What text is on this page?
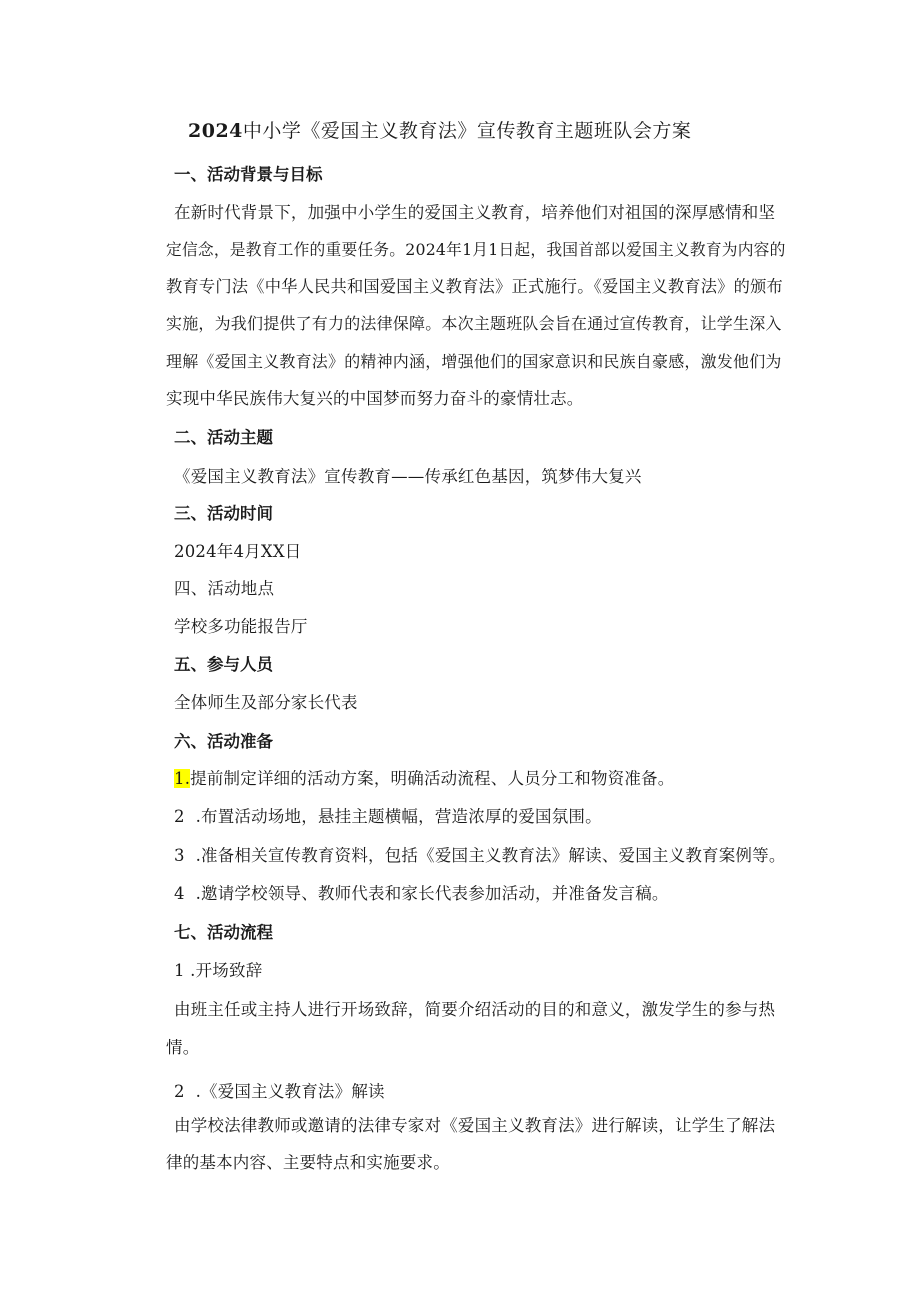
2024中小学《爱国主义教育法》宣传教育主题班队会方案
一、活动背景与目标
在新时代背景下，加强中小学生的爱国主义教育，培养他们对祖国的深厚感情和坚
定信念，是教育工作的重要任务。2024年1月1日起，我国首部以爱国主义教育为内容的
教育专门法《中华人民共和国爱国主义教育法》正式施行。《爱国主义教育法》的颁布
实施，为我们提供了有力的法律保障。本次主题班队会旨在通过宣传教育，让学生深入
理解《爱国主义教育法》的精神内涵，增强他们的国家意识和民族自豪感，激发他们为
实现中华民族伟大复兴的中国梦而努力奋斗的豪情壮志。
二、活动主题
《爱国主义教育法》宣传教育——传承红色基因，筑梦伟大复兴
三、活动时间
2024年4月XX日
四、活动地点
学校多功能报告厅
五、参与人员
全体师生及部分家长代表
六、活动准备
1.提前制定详细的活动方案，明确活动流程、人员分工和物资准备。
2  .布置活动场地，悬挂主题横幅，营造浓厚的爱国氛围。
3  .准备相关宣传教育资料，包括《爱国主义教育法》解读、爱国主义教育案例等。
4  .邀请学校领导、教师代表和家长代表参加活动，并准备发言稿。
七、活动流程
1 .开场致辞
由班主任或主持人进行开场致辞，简要介绍活动的目的和意义，激发学生的参与热
情。
2  .《爱国主义教育法》解读
由学校法律教师或邀请的法律专家对《爱国主义教育法》进行解读，让学生了解法
律的基本内容、主要特点和实施要求。
